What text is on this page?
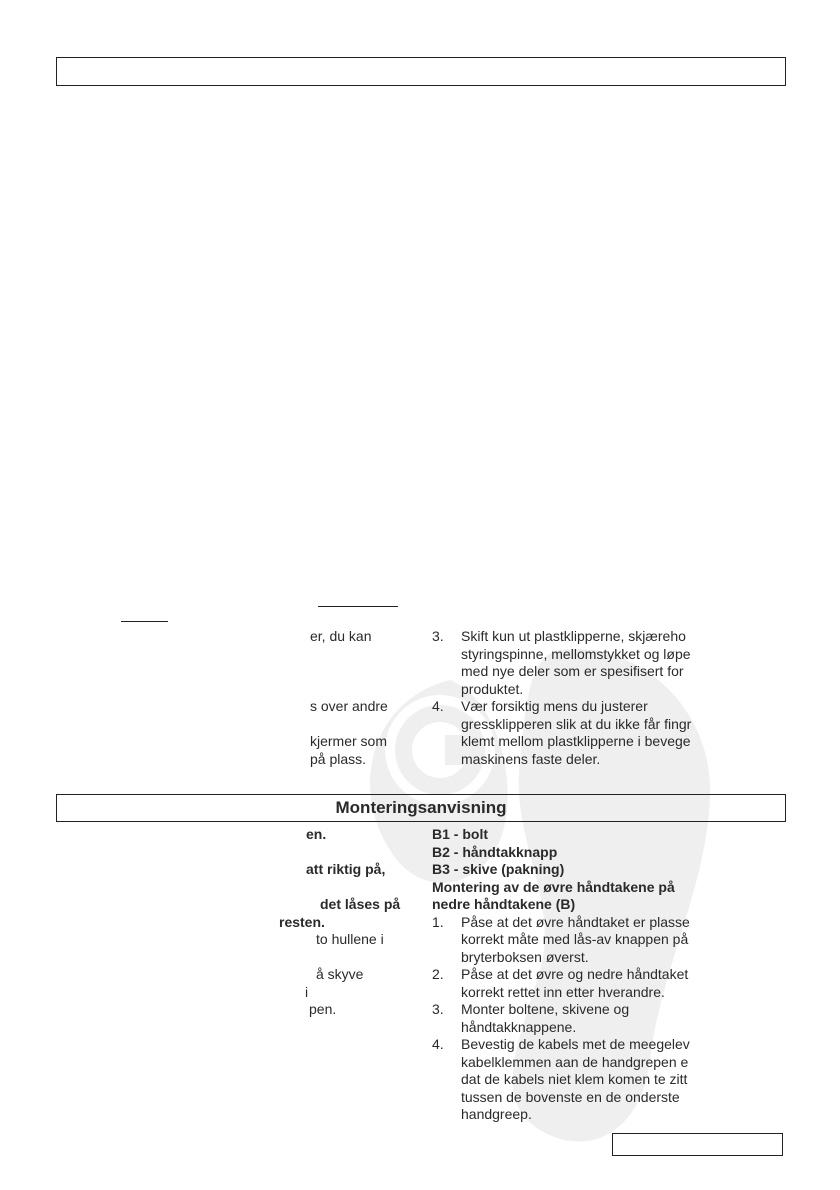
er, du kan
s over andre
kjermer som
på plass.
3. Skift kun ut plastklipperne, skjæreho
styringspinne, mellomstykket og løpe
med nye deler som er spesifisert for
produktet.
4. Vær forsiktig mens du justerer
gressklipperen slik at du ikke får fingr
klemt mellom plastklipperne i bevege
maskinens faste deler.
Monteringsanvisning
en.
att riktig på,
det låses på
resten.
to hullene i
å skyve
i
pen.
B1 - bolt
B2 - håndtakknapp
B3 - skive (pakning)
Montering av de øvre håndtakene på
nedre håndtakene (B)
1. Påse at det øvre håndtaket er plasse
korrekt måte med lås-av knappen på
bryterboksen øverst.
2. Påse at det øvre og nedre håndtaket
korrekt rettet inn etter hverandre.
3. Monter boltene, skivene og
håndtakknappene.
4. Bevestig de kabels met de meegelev
kabelklemmen aan de handgrepen e
dat de kabels niet klem komen te zitt
tussen de bovenste en de onderste
handgreep.
